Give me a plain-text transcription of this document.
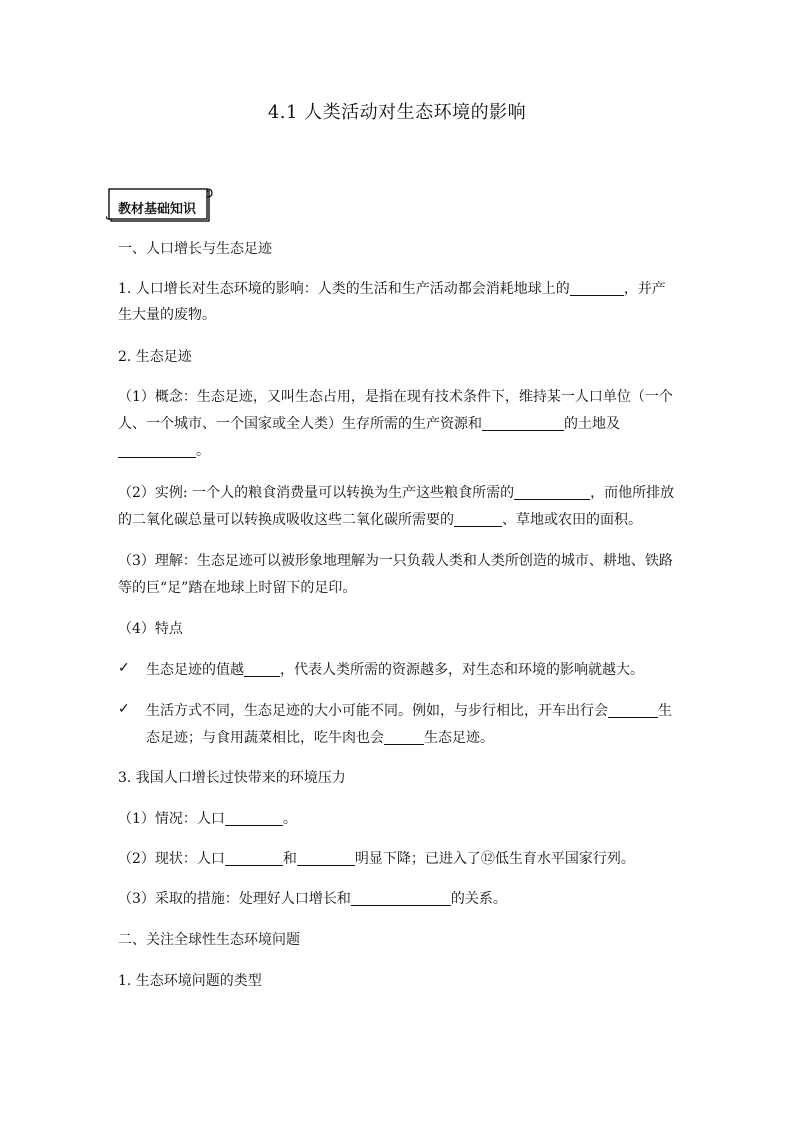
4.1 人类活动对生态环境的影响
教材基础知识
一、人口增长与生态足迹
1. 人口增长对生态环境的影响：人类的生活和生产活动都会消耗地球上的	，并产
生大量的废物。
2. 生态足迹
（1）概念：生态足迹，又叫生态占用，是指在现有技术条件下，维持某一人口单位（一个
人、一个城市、一个国家或全人类）生存所需的生产资源和	的土地及
。
（2）实例: 一个人的粮食消费量可以转换为生产这些粮食所需的	，而他所排放
的二氧化碳总量可以转换成吸收这些二氧化碳所需要的	、草地或农田的面积。
（3）理解：生态足迹可以被形象地理解为一只负载人类和人类所创造的城市、耕地、铁路
等的巨“足”踏在地球上时留下的足印。
（4）特点
✓ 生态足迹的值越	，代表人类所需的资源越多，对生态和环境的影响就越大。
✓ 生活方式不同，生态足迹的大小可能不同。例如，与步行相比，开车出行会	生
态足迹；与食用蔬菜相比，吃牛肉也会	生态足迹。
3. 我国人口增长过快带来的环境压力
（1）情况：人口	。
（2）现状：人口	和	明显下降；已进入了⑫低生育水平国家行列。
（3）采取的措施：处理好人口增长和	的关系。
二、关注全球性生态环境问题
1. 生态环境问题的类型
